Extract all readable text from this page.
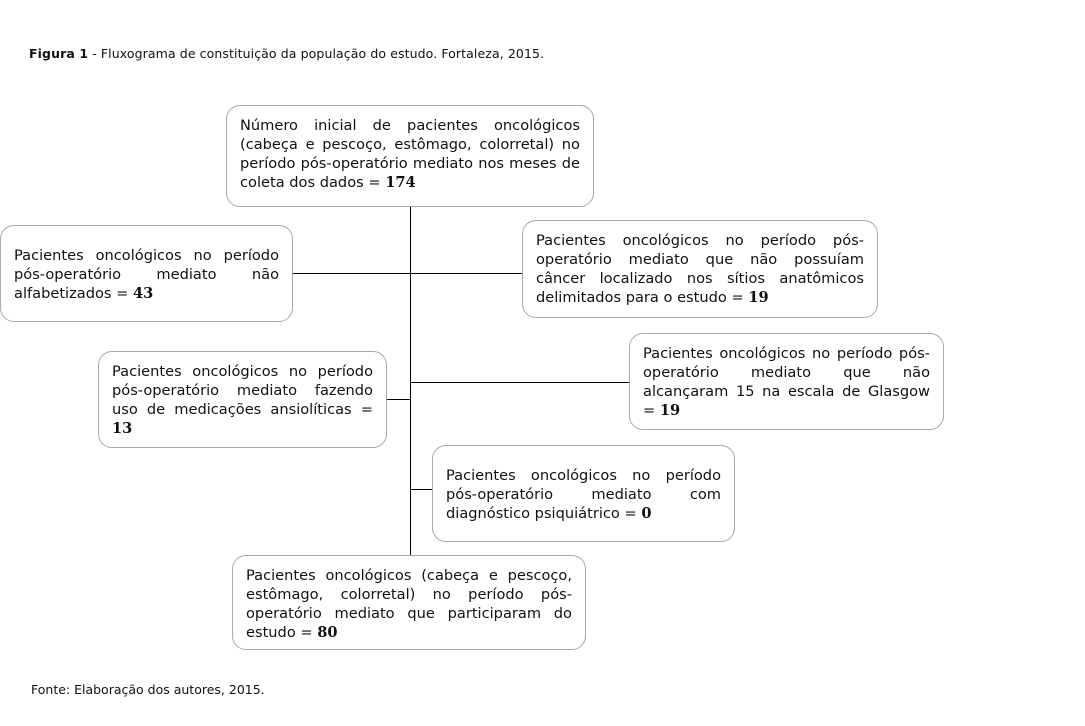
Figura 1 - Fluxograma de constituição da população do estudo. Fortaleza, 2015.
Número inicial de pacientes oncológicos (cabeça e pescoço, estômago, colorretal) no período pós-operatório mediato nos meses de coleta dos dados = 174
Pacientes oncológicos no período pós-operatório mediato não alfabetizados = 43
Pacientes oncológicos no período pós-operatório mediato que não possuíam câncer localizado nos sítios anatômicos delimitados para o estudo = 19
Pacientes oncológicos no período pós-operatório mediato fazendo uso de medicações ansiolíticas = 13
Pacientes oncológicos no período pós-operatório mediato que não alcançaram 15 na escala de Glasgow = 19
Pacientes oncológicos no período pós-operatório mediato com diagnóstico psiquiátrico = 0
Pacientes oncológicos (cabeça e pescoço, estômago, colorretal) no período pós-operatório mediato que participaram do estudo = 80
Fonte: Elaboração dos autores, 2015.
